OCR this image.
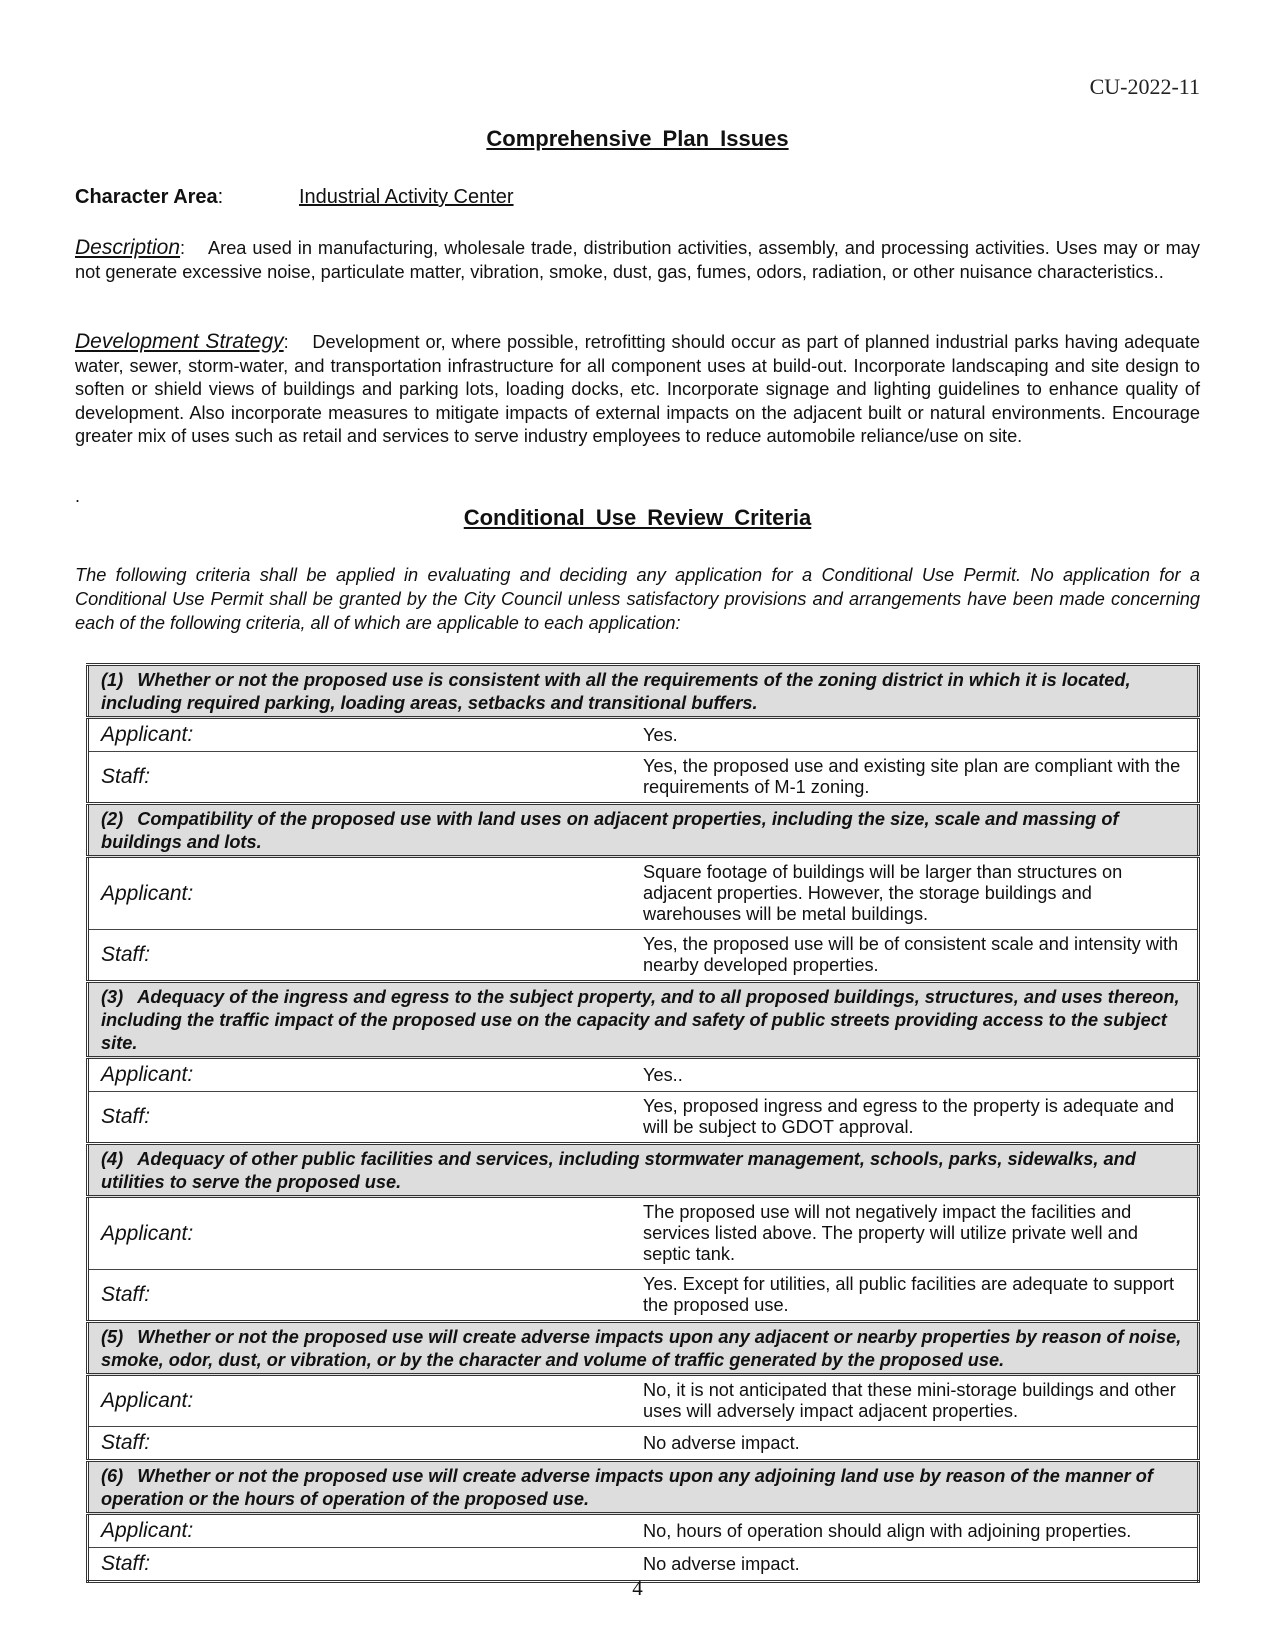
CU-2022-11
Comprehensive Plan Issues
Character Area:	Industrial Activity Center
Description:    Area used in manufacturing, wholesale trade, distribution activities, assembly, and processing activities. Uses may or may not generate excessive noise, particulate matter, vibration, smoke, dust, gas, fumes, odors, radiation, or other nuisance characteristics..
Development Strategy:    Development or, where possible, retrofitting should occur as part of planned industrial parks having adequate water, sewer, storm-water, and transportation infrastructure for all component uses at build-out. Incorporate landscaping and site design to soften or shield views of buildings and parking lots, loading docks, etc. Incorporate signage and lighting guidelines to enhance quality of development. Also incorporate measures to mitigate impacts of external impacts on the adjacent built or natural environments. Encourage greater mix of uses such as retail and services to serve industry employees to reduce automobile reliance/use on site.
.
Conditional Use Review Criteria
The following criteria shall be applied in evaluating and deciding any application for a Conditional Use Permit. No application for a Conditional Use Permit shall be granted by the City Council unless satisfactory provisions and arrangements have been made concerning each of the following criteria, all of which are applicable to each application:
(1) Whether or not the proposed use is consistent with all the requirements of the zoning district in which it is located, including required parking, loading areas, setbacks and transitional buffers.	
Applicant:	Yes.
Staff:	Yes, the proposed use and existing site plan are compliant with the requirements of M-1 zoning.
(2) Compatibility of the proposed use with land uses on adjacent properties, including the size, scale and massing of buildings and lots.	
Applicant:	Square footage of buildings will be larger than structures on adjacent properties. However, the storage buildings and warehouses will be metal buildings.
Staff:	Yes, the proposed use will be of consistent scale and intensity with nearby developed properties.
(3) Adequacy of the ingress and egress to the subject property, and to all proposed buildings, structures, and uses thereon, including the traffic impact of the proposed use on the capacity and safety of public streets providing access to the subject site.	
Applicant:	Yes..
Staff:	Yes, proposed ingress and egress to the property is adequate and will be subject to GDOT approval.
(4) Adequacy of other public facilities and services, including stormwater management, schools, parks, sidewalks, and utilities to serve the proposed use.	
Applicant:	The proposed use will not negatively impact the facilities and services listed above. The property will utilize private well and septic tank.
Staff:	Yes. Except for utilities, all public facilities are adequate to support the proposed use.
(5) Whether or not the proposed use will create adverse impacts upon any adjacent or nearby properties by reason of noise, smoke, odor, dust, or vibration, or by the character and volume of traffic generated by the proposed use.	
Applicant:	No, it is not anticipated that these mini-storage buildings and other uses will adversely impact adjacent properties.
Staff:	No adverse impact.
(6) Whether or not the proposed use will create adverse impacts upon any adjoining land use by reason of the manner of operation or the hours of operation of the proposed use.	
Applicant:	No, hours of operation should align with adjoining properties.
Staff:	No adverse impact.
4
